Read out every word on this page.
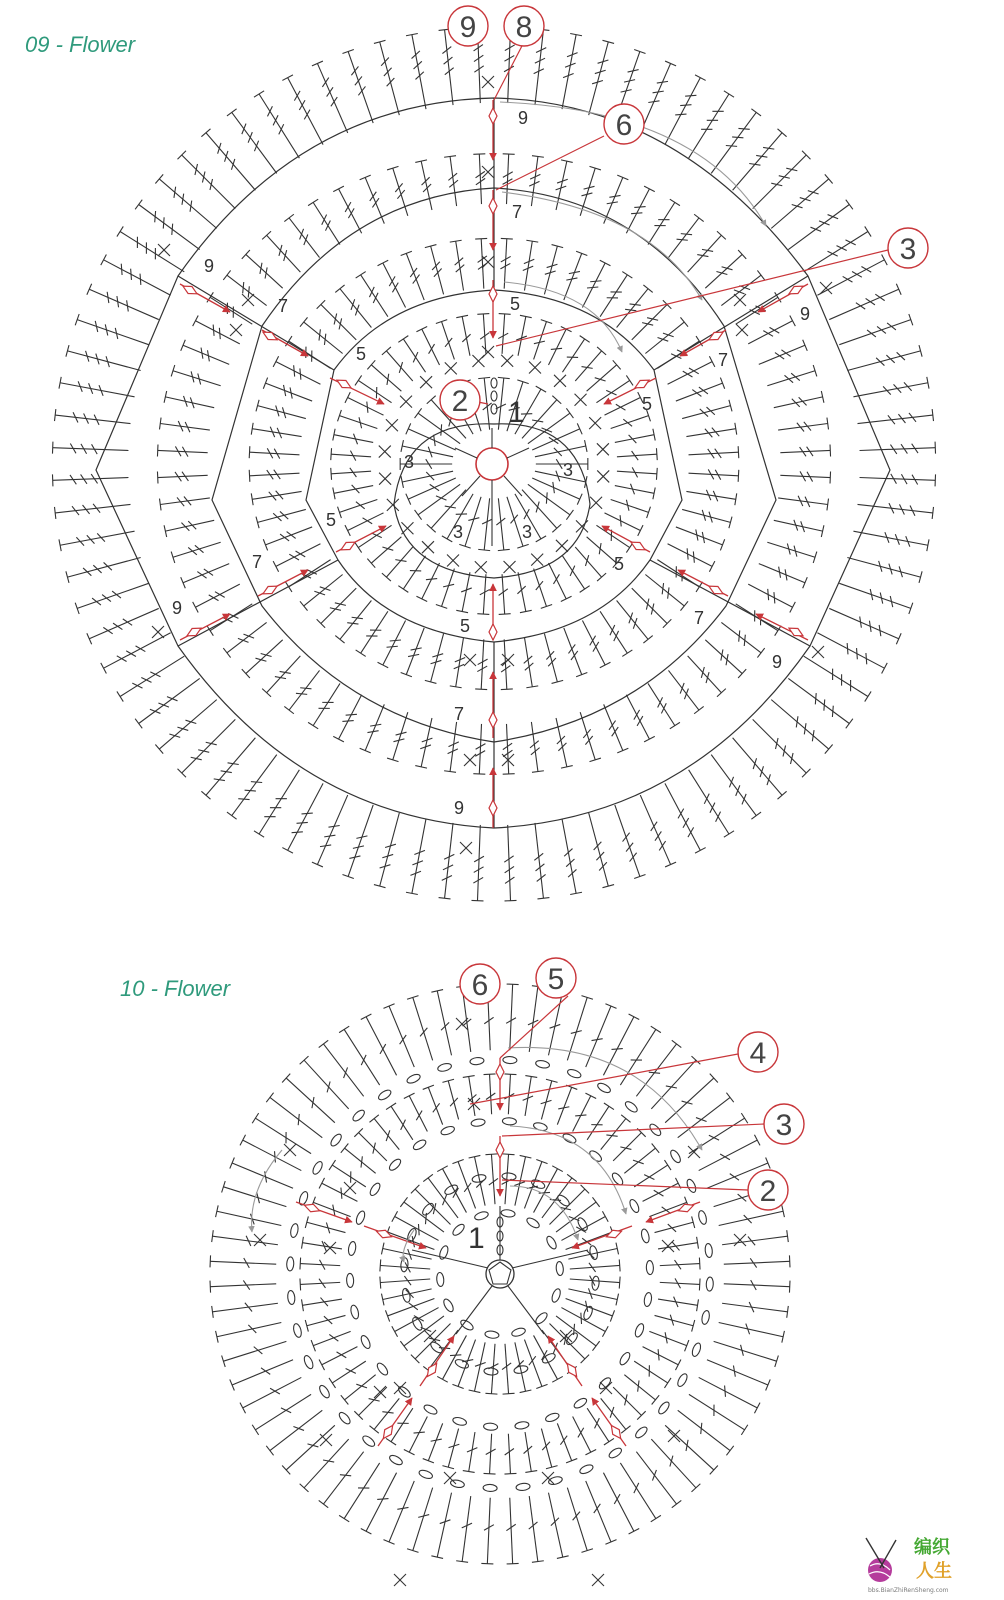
09 - Flower
1
3	3
3	3
5
5
5
5
5
5
7
7
7
7
7
7
9
9
9
9
9
9
9 8
6
3
2
10 - Flower
1
6 5
4
3
2
编织
人生
bbs.BianZhiRenSheng.com
